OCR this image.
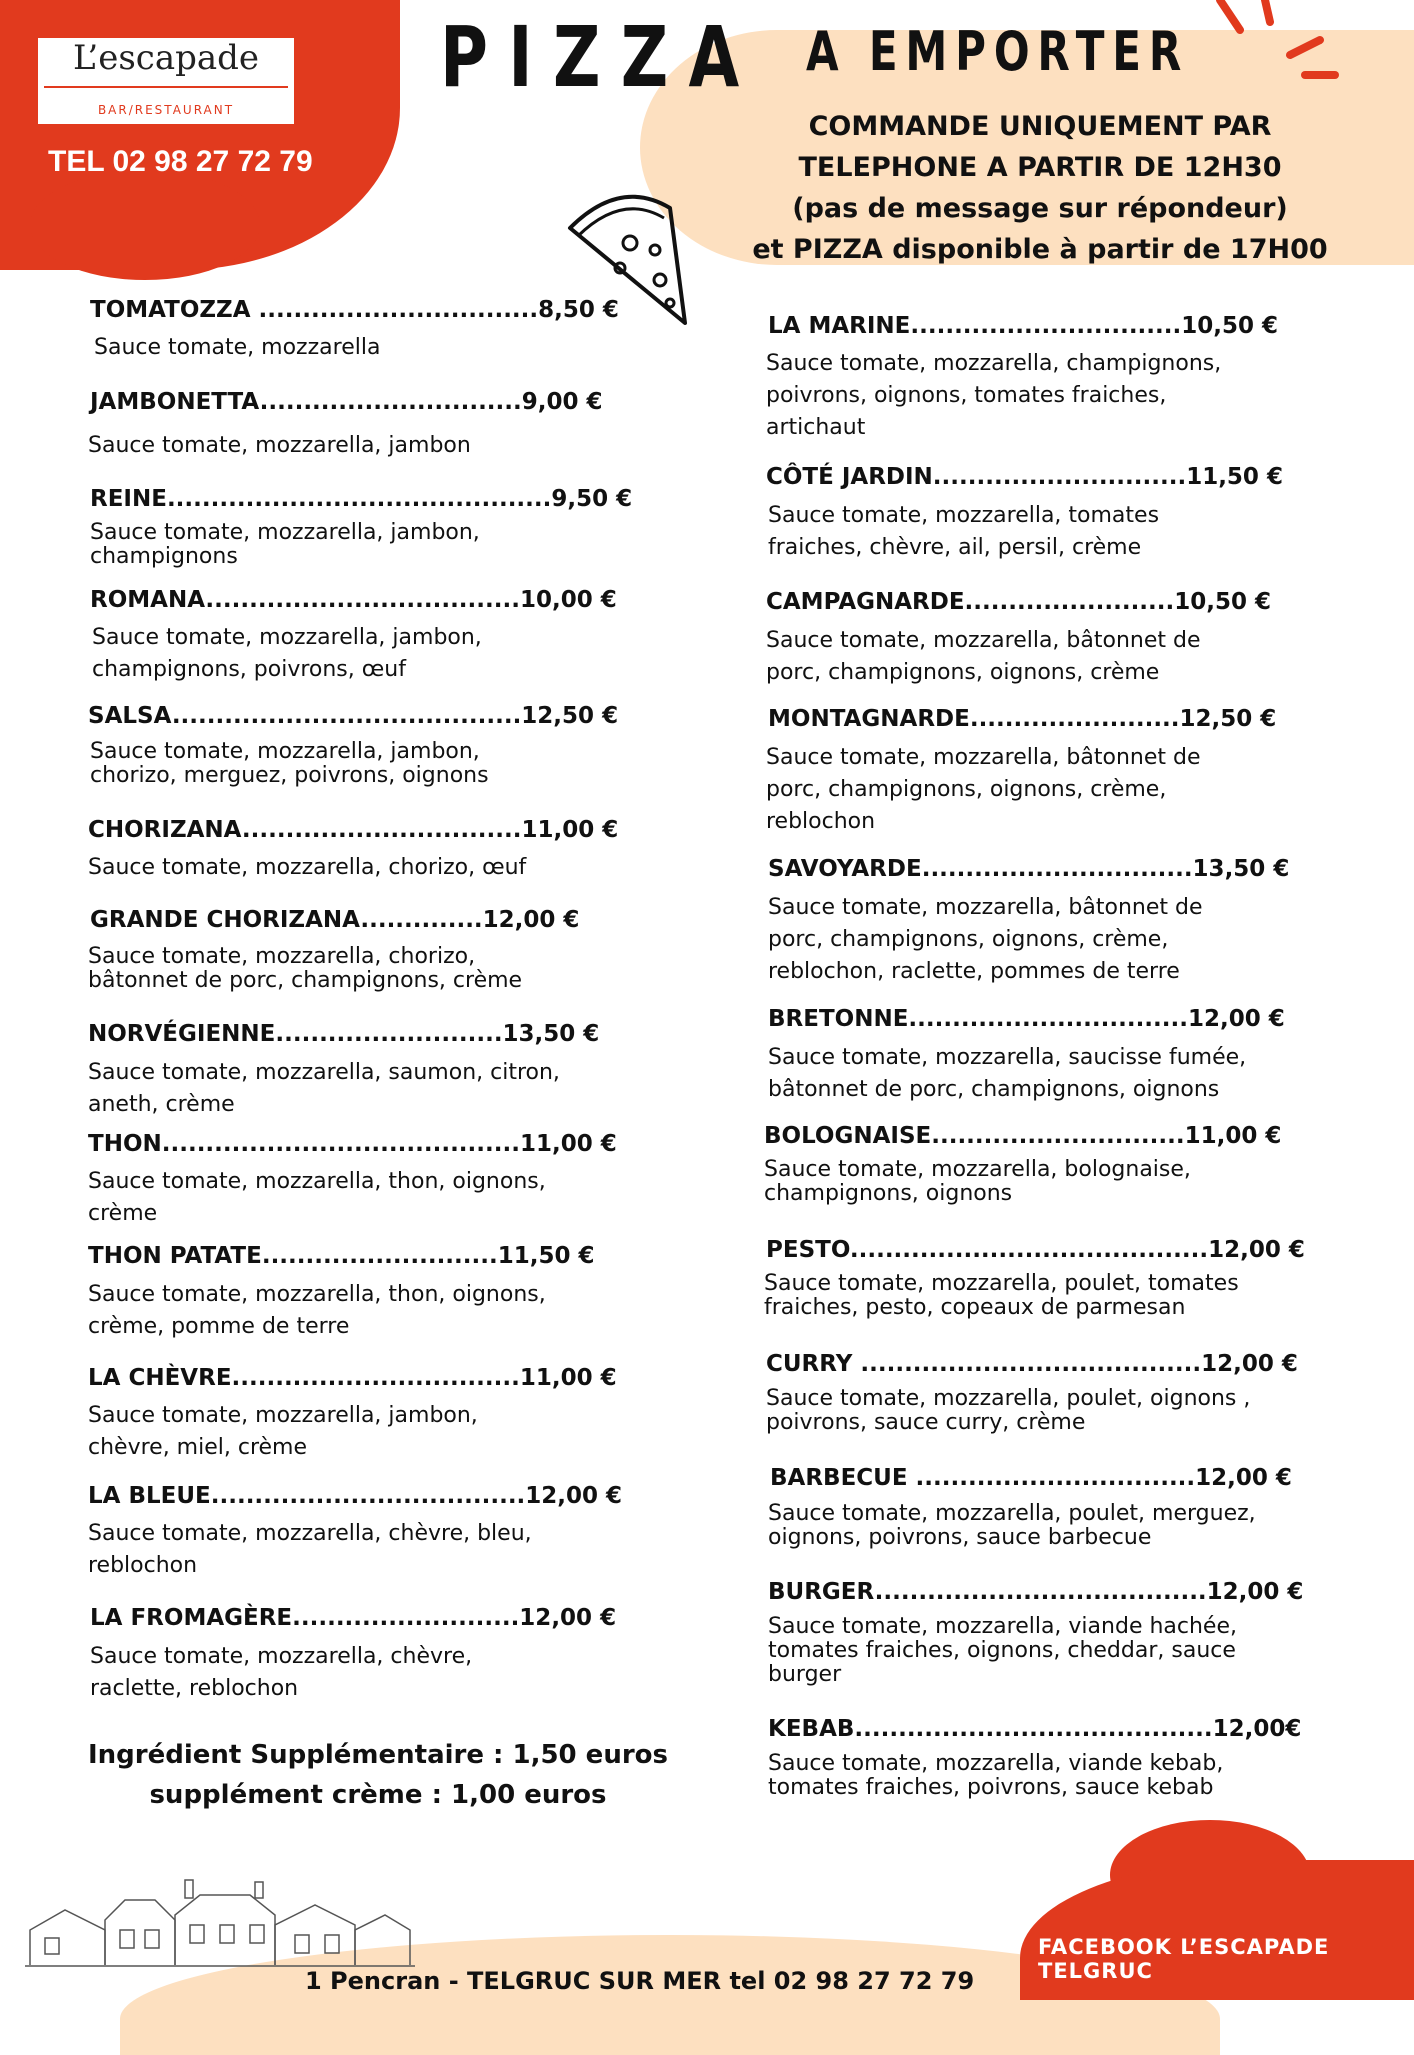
L’escapade
BAR/RESTAURANT
TEL 02 98 27 72 79
PIZZA A EMPORTER
COMMANDE UNIQUEMENT PAR
TELEPHONE A PARTIR DE 12H30
(pas de message sur répondeur)
et PIZZA disponible à partir de 17H00
TOMATOZZA ................................8,50 €
Sauce tomate, mozzarella
JAMBONETTA..............................9,00 €
Sauce tomate, mozzarella, jambon
REINE............................................9,50 €
Sauce tomate, mozzarella, jambon, champignons
ROMANA....................................10,00 €
Sauce tomate, mozzarella, jambon, champignons, poivrons, œuf
SALSA........................................12,50 €
Sauce tomate, mozzarella, jambon, chorizo, merguez, poivrons, oignons
CHORIZANA................................11,00 €
Sauce tomate, mozzarella, chorizo, œuf
GRANDE CHORIZANA..............12,00 €
Sauce tomate, mozzarella, chorizo, bâtonnet de porc, champignons, crème
NORVÉGIENNE..........................13,50 €
Sauce tomate, mozzarella, saumon, citron, aneth, crème
THON.........................................11,00 €
Sauce tomate, mozzarella, thon, oignons, crème
THON PATATE...........................11,50 €
Sauce tomate, mozzarella, thon, oignons, crème, pomme de terre
LA CHÈVRE.................................11,00 €
Sauce tomate, mozzarella, jambon, chèvre, miel, crème
LA BLEUE....................................12,00 €
Sauce tomate, mozzarella, chèvre, bleu, reblochon
LA FROMAGÈRE..........................12,00 €
Sauce tomate, mozzarella, chèvre, raclette, reblochon
LA MARINE...............................10,50 €
Sauce tomate, mozzarella, champignons, poivrons, oignons, tomates fraiches, artichaut
CÔTÉ JARDIN.............................11,50 €
Sauce tomate, mozzarella, tomates fraiches, chèvre, ail, persil, crème
CAMPAGNARDE........................10,50 €
Sauce tomate, mozzarella, bâtonnet de porc, champignons, oignons, crème
MONTAGNARDE........................12,50 €
Sauce tomate, mozzarella, bâtonnet de porc, champignons, oignons, crème, reblochon
SAVOYARDE...............................13,50 €
Sauce tomate, mozzarella, bâtonnet de porc, champignons, oignons, crème, reblochon, raclette, pommes de terre
BRETONNE................................12,00 €
Sauce tomate, mozzarella, saucisse fumée, bâtonnet de porc, champignons, oignons
BOLOGNAISE.............................11,00 €
Sauce tomate, mozzarella, bolognaise, champignons, oignons
PESTO.........................................12,00 €
Sauce tomate, mozzarella, poulet, tomates fraiches, pesto, copeaux de parmesan
CURRY .......................................12,00 €
Sauce tomate, mozzarella, poulet, oignons , poivrons, sauce curry, crème
BARBECUE ................................12,00 €
Sauce tomate, mozzarella, poulet, merguez, oignons, poivrons, sauce barbecue
BURGER......................................12,00 €
Sauce tomate, mozzarella, viande hachée, tomates fraiches, oignons, cheddar, sauce burger
KEBAB.........................................12,00€
Sauce tomate, mozzarella, viande kebab, tomates fraiches, poivrons, sauce kebab
Ingrédient Supplémentaire : 1,50 euros
supplément crème : 1,00 euros
FACEBOOK L’ESCAPADE TELGRUC
1 Pencran - TELGRUC SUR MER tel 02 98 27 72 79
